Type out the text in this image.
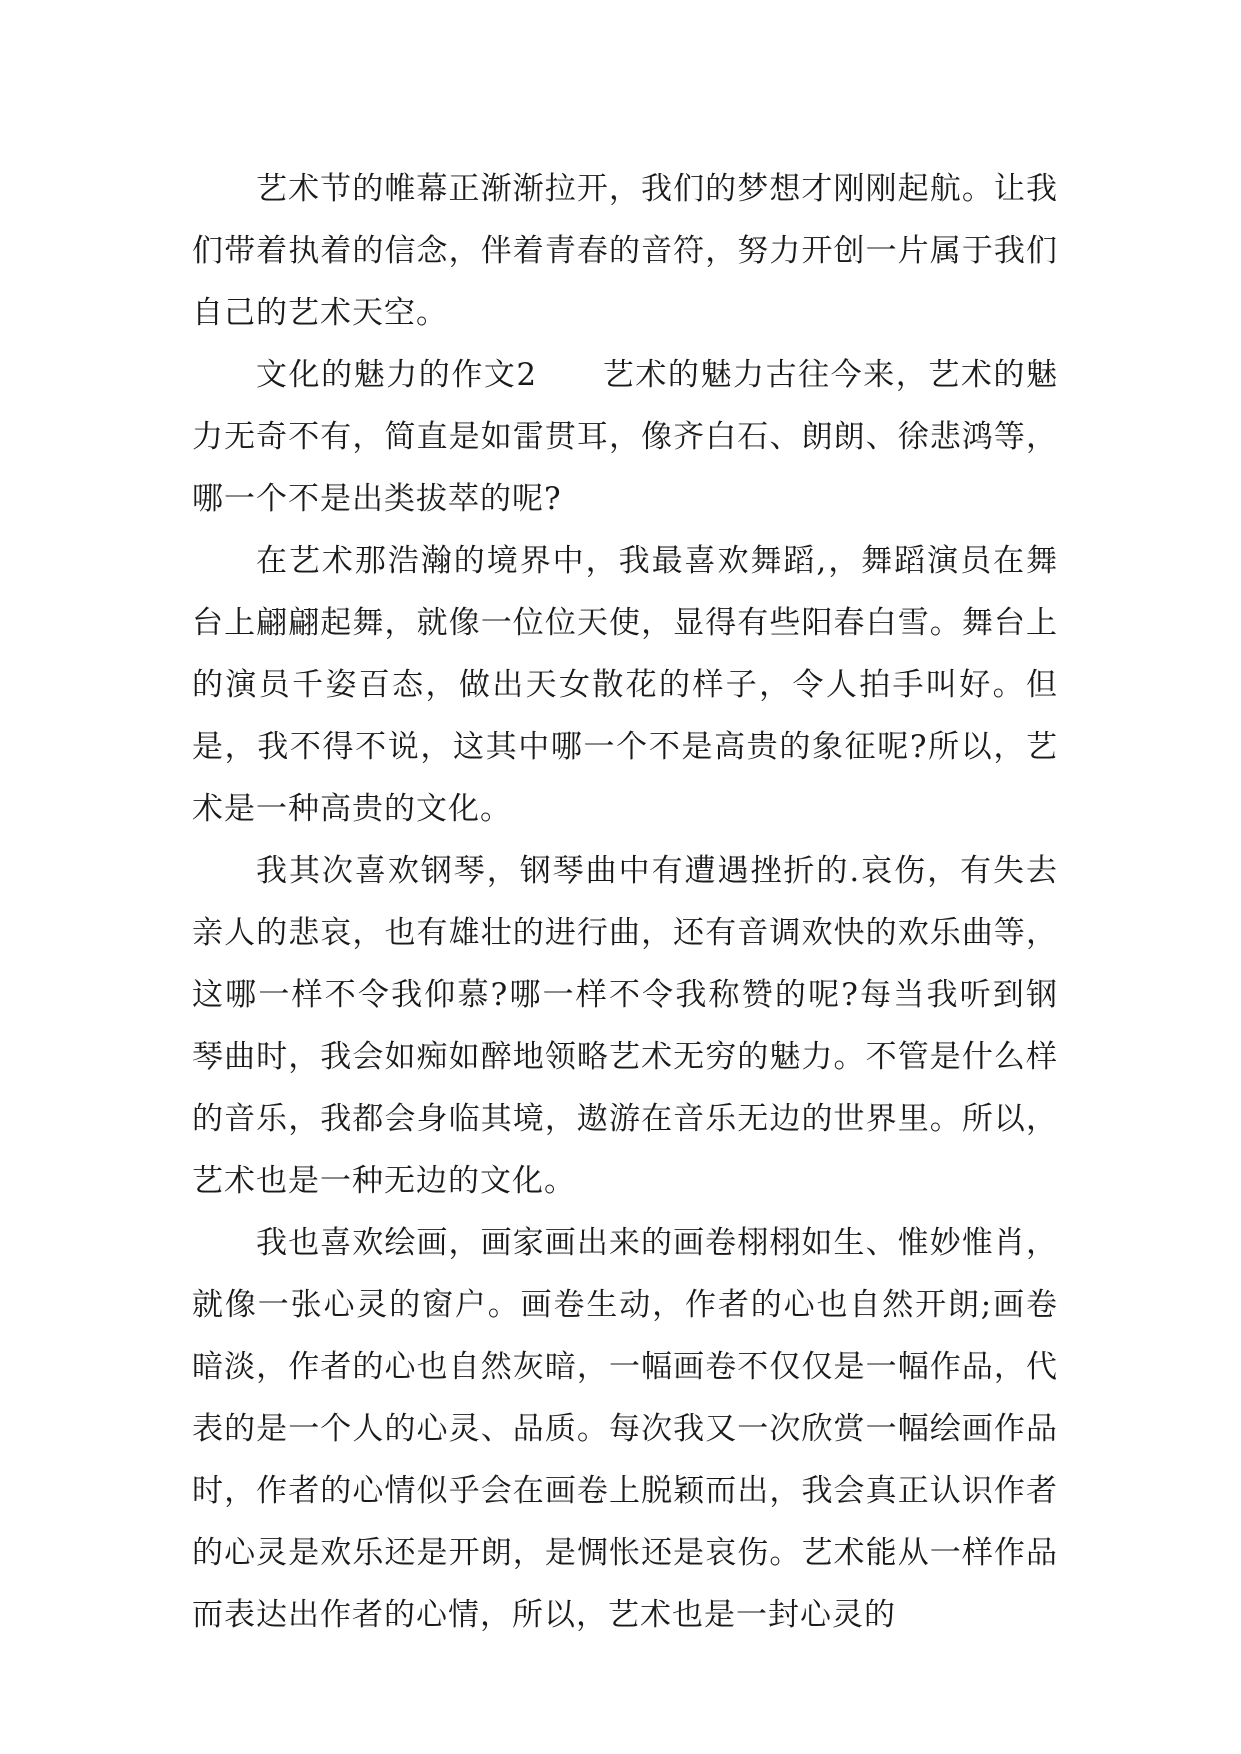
艺术节的帷幕正渐渐拉开，我们的梦想才刚刚起航。让我们带着执着的信念，伴着青春的音符，努力开创一片属于我们自己的艺术天空。

文化的魅力的作文2　　艺术的魅力古往今来，艺术的魅力无奇不有，简直是如雷贯耳，像齐白石、朗朗、徐悲鸿等，哪一个不是出类拔萃的呢?

在艺术那浩瀚的境界中，我最喜欢舞蹈,，舞蹈演员在舞台上翩翩起舞，就像一位位天使，显得有些阳春白雪。舞台上的演员千姿百态，做出天女散花的样子，令人拍手叫好。但是，我不得不说，这其中哪一个不是高贵的象征呢?所以，艺术是一种高贵的文化。

我其次喜欢钢琴，钢琴曲中有遭遇挫折的.哀伤，有失去亲人的悲哀，也有雄壮的进行曲，还有音调欢快的欢乐曲等，这哪一样不令我仰慕?哪一样不令我称赞的呢?每当我听到钢琴曲时，我会如痴如醉地领略艺术无穷的魅力。不管是什么样的音乐，我都会身临其境，遨游在音乐无边的世界里。所以，艺术也是一种无边的文化。

我也喜欢绘画，画家画出来的画卷栩栩如生、惟妙惟肖，就像一张心灵的窗户。画卷生动，作者的心也自然开朗;画卷暗淡，作者的心也自然灰暗，一幅画卷不仅仅是一幅作品，代表的是一个人的心灵、品质。每次我又一次欣赏一幅绘画作品时，作者的心情似乎会在画卷上脱颖而出，我会真正认识作者的心灵是欢乐还是开朗，是惆怅还是哀伤。艺术能从一样作品而表达出作者的心情，所以，艺术也是一封心灵的
